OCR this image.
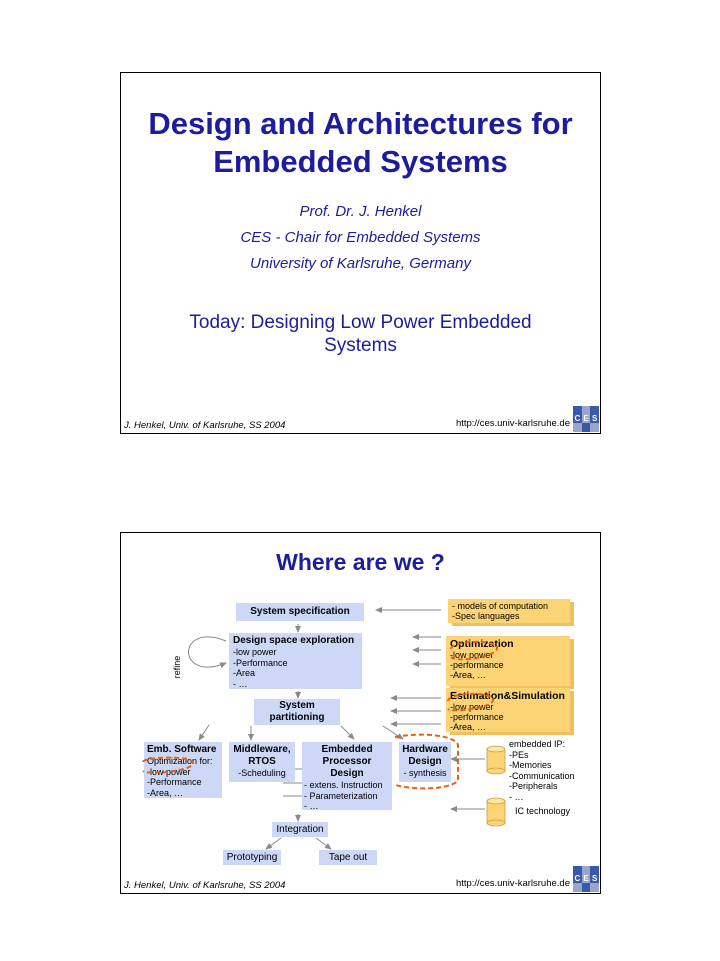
Design and Architectures for
Embedded Systems
Prof. Dr. J. Henkel
CES - Chair for Embedded Systems
University of Karlsruhe, Germany
Today: Designing Low Power Embedded
Systems
J. Henkel, Univ. of Karlsruhe, SS 2004	http://ces.univ-karlsruhe.de C E S
Where are we ?
System specification	- models of computation
-Spec languages
Design space exploration
-low power
-Performance
-Area
- …
refine
Optimization
-low power
-performance
-Area, …
Estimation&Simulation
-low power
-performance
-Area, …
System
partitioning
Emb. Software
Optimization for:
-low power
-Performance
-Area, …
Middleware,
RTOS
-Scheduling
Embedded
Processor
Design
- extens. Instruction
- Parameterization
- …
Hardware
Design
- synthesis
embedded IP:
-PEs
-Memories
-Communication
-Peripherals
- …
IC technology
Integration
Prototyping	Tape out
J. Henkel, Univ. of Karlsruhe, SS 2004	http://ces.univ-karlsruhe.de C E S
